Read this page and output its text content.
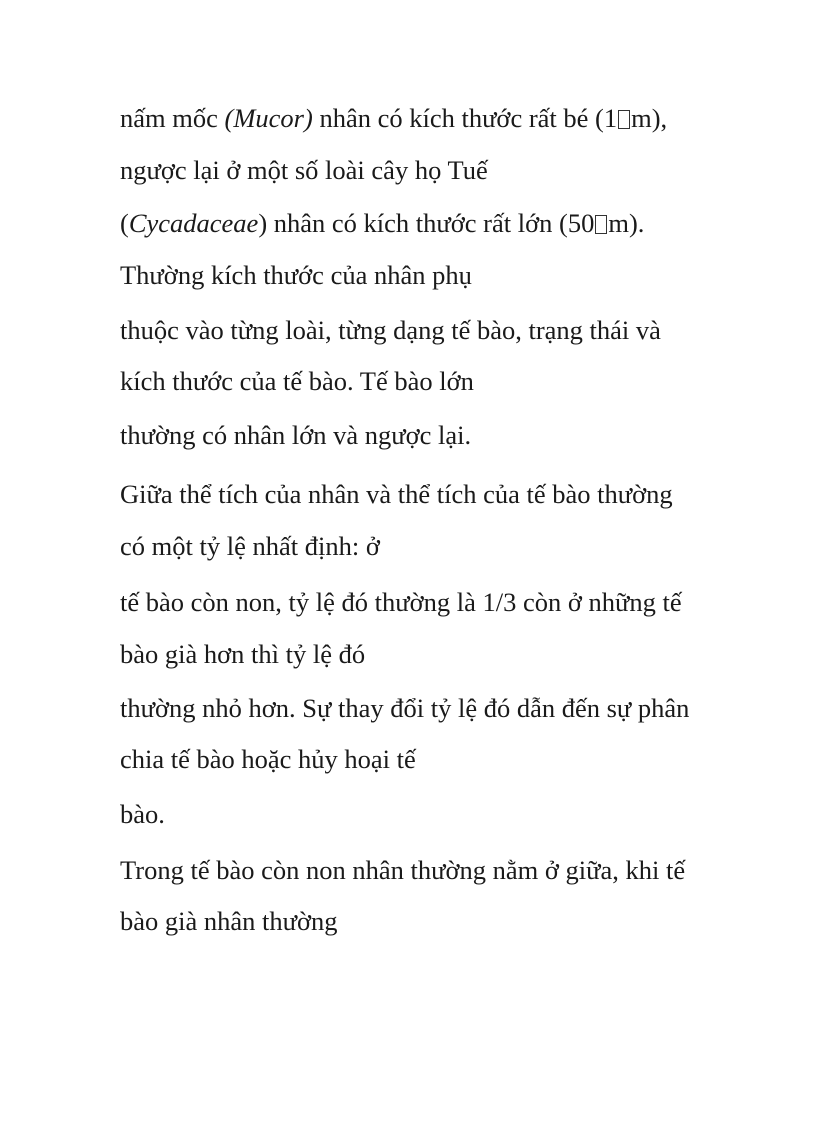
nấm mốc (Mucor) nhân có kích thước rất bé (1 m),

ngược lại ở một số loài cây họ Tuế

(Cycadaceae) nhân có kích thước rất lớn (50 m).

Thường kích thước của nhân phụ

thuộc vào từng loài, từng dạng tế bào, trạng thái và

kích thước của tế bào. Tế bào lớn

thường có nhân lớn và ngược lại.

Giữa thể tích của nhân và thể tích của tế bào thường

có một tỷ lệ nhất định: ở

tế bào còn non, tỷ lệ đó thường là 1/3 còn ở những tế

bào già hơn thì tỷ lệ đó

thường nhỏ hơn. Sự thay đổi tỷ lệ đó dẫn đến sự phân

chia tế bào hoặc hủy hoại tế

bào.

Trong tế bào còn non nhân thường nằm ở giữa, khi tế

bào già nhân thường
